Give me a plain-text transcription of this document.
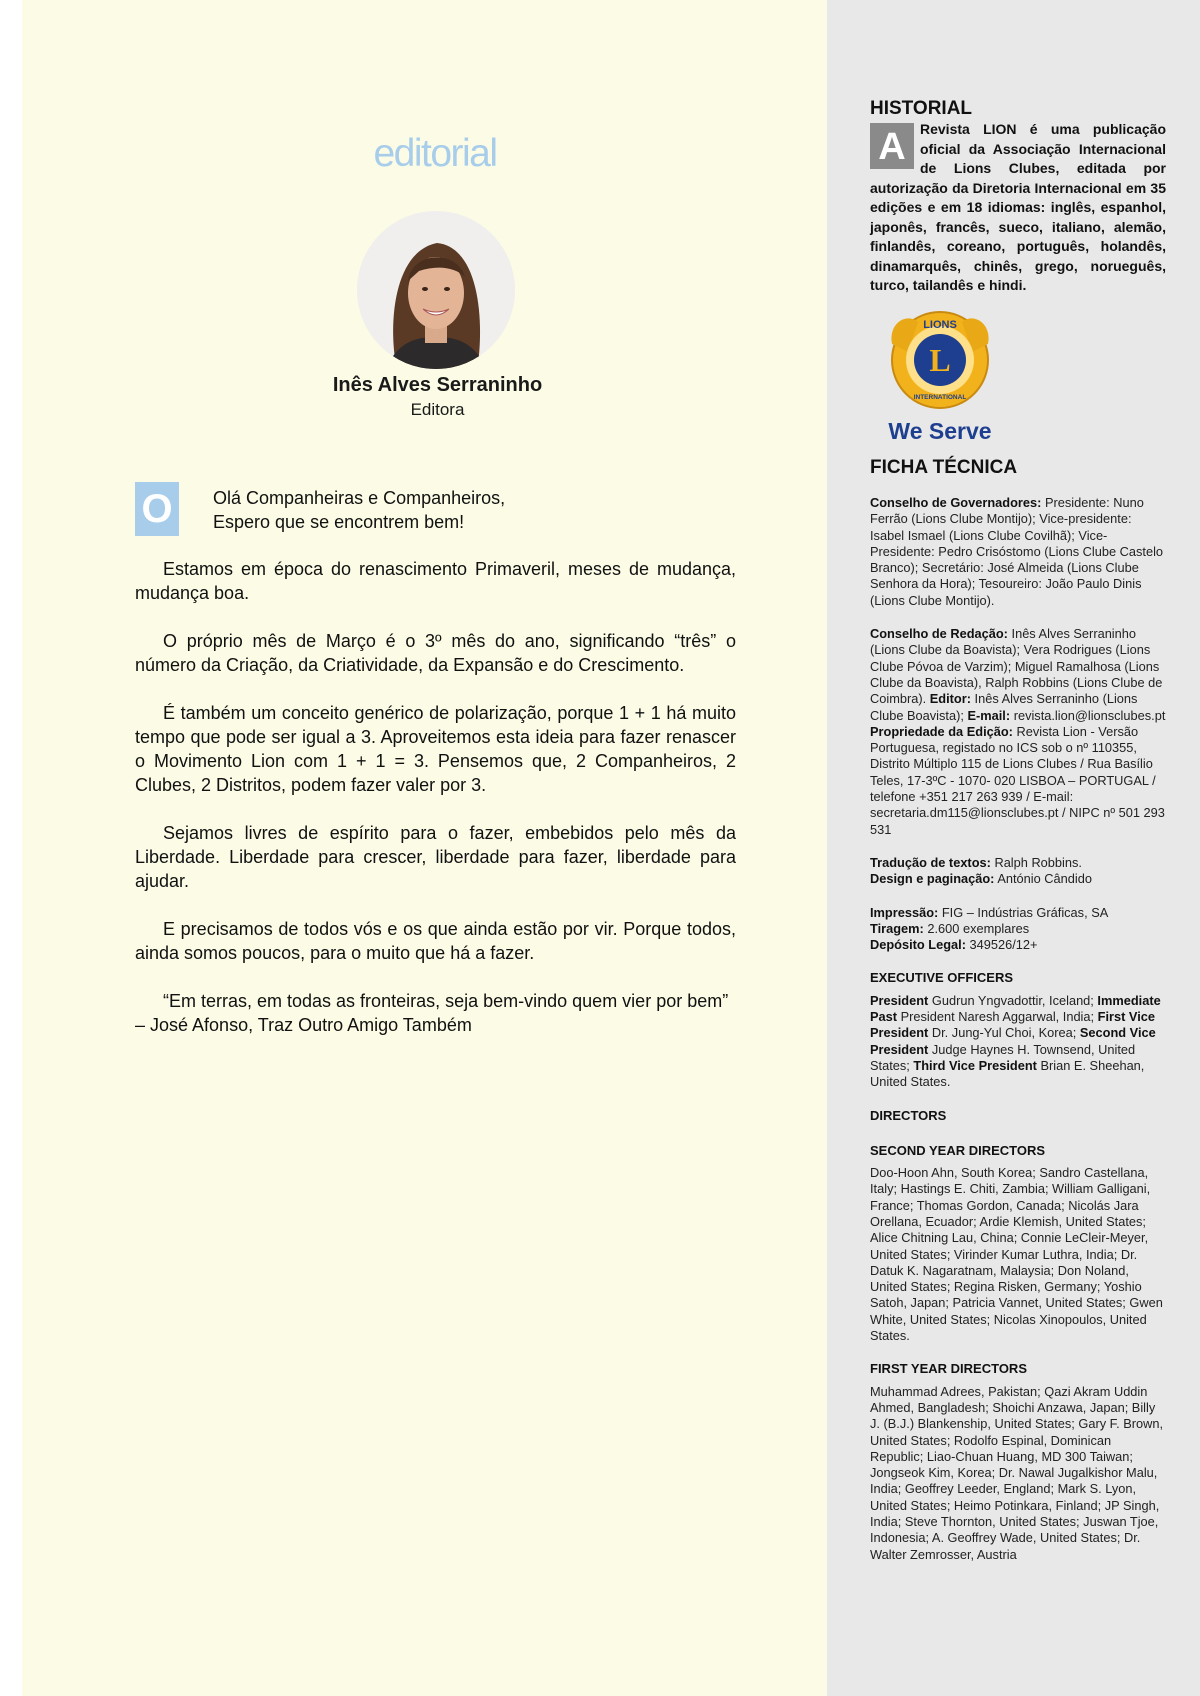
editorial
Inês Alves Serraninho
Editora
O	Olá Companheiras e Companheiros,
Espero que se encontrem bem!

Estamos em época do renascimento Primaveril, meses de mudança, mudança boa.

O próprio mês de Março é o 3º mês do ano, significando “três” o número da Criação, da Criatividade, da Expansão e do Crescimento.

É também um conceito genérico de polarização, porque 1 + 1 há muito tempo que pode ser igual a 3. Aproveitemos esta ideia para fazer renascer o Movimento Lion com 1 + 1 = 3. Pensemos que, 2 Companheiros, 2 Clubes, 2 Distritos, podem fazer valer por 3.

Sejamos livres de espírito para o fazer, embebidos pelo mês da Liberdade. Liberdade para crescer, liberdade para fazer, liberdade para ajudar.

E precisamos de todos vós e os que ainda estão por vir. Porque todos, ainda somos poucos, para o muito que há a fazer.

“Em terras, em todas as fronteiras, seja bem-vindo quem vier por bem”

– José Afonso, Traz Outro Amigo Também

HISTORIAL
A	Revista LION é uma publicação oficial da Associação Internacional de Lions Clubes, editada por autorização da Diretoria Internacional em 35 edições e em 18 idiomas: inglês, espanhol, japonês, francês, sueco, italiano, alemão, finlandês, coreano, português, holandês, dinamarquês, chinês, grego, norueguês, turco, tailandês e hindi.
L
LIONS
INTERNATIONAL
We Serve
FICHA TÉCNICA

Conselho de Governadores: Presidente: Nuno Ferrão (Lions Clube Montijo); Vice-presidente: Isabel Ismael (Lions Clube Covilhã); Vice-Presidente: Pedro Crisóstomo (Lions Clube Castelo Branco); Secretário: José Almeida (Lions Clube Senhora da Hora); Tesoureiro: João Paulo Dinis (Lions Clube Montijo).

Conselho de Redação: Inês Alves Serraninho (Lions Clube da Boavista); Vera Rodrigues (Lions Clube Póvoa de Varzim); Miguel Ramalhosa (Lions Clube da Boavista), Ralph Robbins (Lions Clube de Coimbra). Editor: Inês Alves Serraninho (Lions Clube Boavista); E-mail: revista.lion@lionsclubes.pt Propriedade da Edição: Revista Lion - Versão Portuguesa, registado no ICS sob o nº 110355, Distrito Múltiplo 115 de Lions Clubes / Rua Basílio Teles, 17-3ºC - 1070- 020 LISBOA – PORTUGAL / telefone +351 217 263 939 / E-mail: secretaria.dm115@lionsclubes.pt / NIPC nº 501 293 531

Tradução de textos: Ralph Robbins.
Design e paginação: António Cândido

Impressão: FIG – Indústrias Gráficas, SA
Tiragem: 2.600 exemplares
Depósito Legal: 349526/12+

EXECUTIVE OFFICERS

President Gudrun Yngvadottir, Iceland; Immediate Past President Naresh Aggarwal, India; First Vice President Dr. Jung-Yul Choi, Korea; Second Vice President Judge Haynes H. Townsend, United States; Third Vice President Brian E. Sheehan, United States.

DIRECTORS
SECOND YEAR DIRECTORS

Doo-Hoon Ahn, South Korea; Sandro Castellana, Italy; Hastings E. Chiti, Zambia; William Galligani, France; Thomas Gordon, Canada; Nicolás Jara Orellana, Ecuador; Ardie Klemish, United States; Alice Chitning Lau, China; Connie LeCleir-Meyer, United States; Virinder Kumar Luthra, India; Dr. Datuk K. Nagaratnam, Malaysia; Don Noland, United States; Regina Risken, Germany; Yoshio Satoh, Japan; Patricia Vannet, United States; Gwen White, United States; Nicolas Xinopoulos, United States.

FIRST YEAR DIRECTORS

Muhammad Adrees, Pakistan; Qazi Akram Uddin Ahmed, Bangladesh; Shoichi Anzawa, Japan; Billy J. (B.J.) Blankenship, United States; Gary F. Brown, United States; Rodolfo Espinal, Dominican Republic; Liao-Chuan Huang, MD 300 Taiwan; Jongseok Kim, Korea; Dr. Nawal Jugalkishor Malu, India; Geoffrey Leeder, England; Mark S. Lyon, United States; Heimo Potinkara, Finland; JP Singh, India; Steve Thornton, United States; Juswan Tjoe, Indonesia; A. Geoffrey Wade, United States; Dr. Walter Zemrosser, Austria
